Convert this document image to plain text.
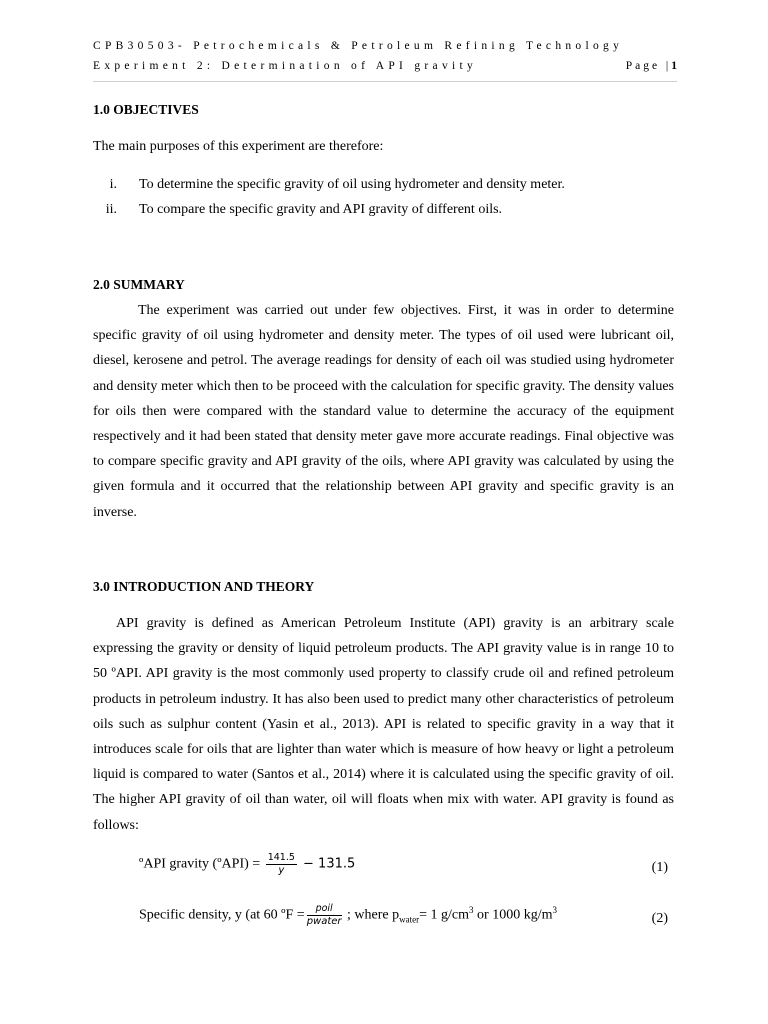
CPB30503- Petrochemicals & Petroleum Refining Technology
Experiment 2: Determination of API gravity	Page |1
1.0 OBJECTIVES
The main purposes of this experiment are therefore:
i. To determine the specific gravity of oil using hydrometer and density meter.
ii. To compare the specific gravity and API gravity of different oils.
2.0 SUMMARY
The experiment was carried out under few objectives. First, it was in order to determine specific gravity of oil using hydrometer and density meter. The types of oil used were lubricant oil, diesel, kerosene and petrol. The average readings for density of each oil was studied using hydrometer and density meter which then to be proceed with the calculation for specific gravity. The density values for oils then were compared with the standard value to determine the accuracy of the equipment respectively and it had been stated that density meter gave more accurate readings. Final objective was to compare specific gravity and API gravity of the oils, where API gravity was calculated by using the given formula and it occurred that the relationship between API gravity and specific gravity is an inverse.
3.0 INTRODUCTION AND THEORY
API gravity is defined as American Petroleum Institute (API) gravity is an arbitrary scale expressing the gravity or density of liquid petroleum products. The API gravity value is in range 10 to 50 ºAPI. API gravity is the most commonly used property to classify crude oil and refined petroleum products in petroleum industry. It has also been used to predict many other characteristics of petroleum oils such as sulphur content (Yasin et al., 2013). API is related to specific gravity in a way that it introduces scale for oils that are lighter than water which is measure of how heavy or light a petroleum liquid is compared to water (Santos et al., 2014) where it is calculated using the specific gravity of oil. The higher API gravity of oil than water, oil will floats when mix with water. API gravity is found as follows:
ºAPI gravity (ºAPI) = $\frac{141.5}{y} - 131.5$	(1)
Specific density, y (at 60 ºF = $\frac{\text{poil}}{\text{pwater}}$ ; where $p_{water}= 1$ $g/cm^3$ or 1000 $kg/m^3$
(2)
